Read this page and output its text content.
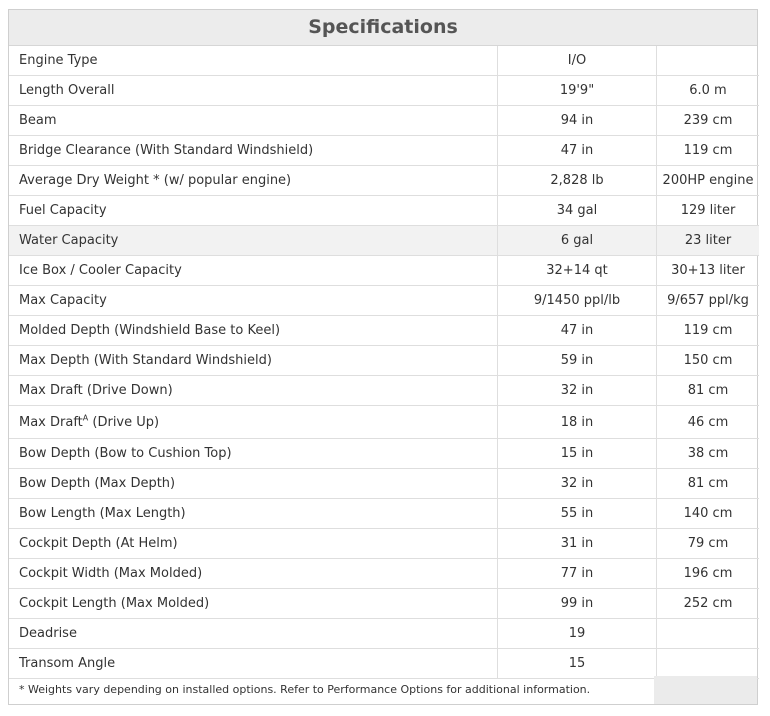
Specifications
Engine Type	I/O	
Length Overall	19'9"	6.0 m
Beam	94 in	239 cm
Bridge Clearance (With Standard Windshield)	47 in	119 cm
Average Dry Weight * (w/ popular engine)	2,828 lb	200HP engine
Fuel Capacity	34 gal	129 liter
Water Capacity	6 gal	23 liter
Ice Box / Cooler Capacity	32+14 qt	30+13 liter
Max Capacity	9/1450 ppl/lb	9/657 ppl/kg
Molded Depth (Windshield Base to Keel)	47 in	119 cm
Max Depth (With Standard Windshield)	59 in	150 cm
Max Draft (Drive Down)	32 in	81 cm
Max Draft$^A$ (Drive Up)	18 in	46 cm
Bow Depth (Bow to Cushion Top)	15 in	38 cm
Bow Depth (Max Depth)	32 in	81 cm
Bow Length (Max Length)	55 in	140 cm
Cockpit Depth (At Helm)	31 in	79 cm
Cockpit Width (Max Molded)	77 in	196 cm
Cockpit Length (Max Molded)	99 in	252 cm
Deadrise	19	
Transom Angle	15	
* Weights vary depending on installed options. Refer to Performance Options for additional information.
